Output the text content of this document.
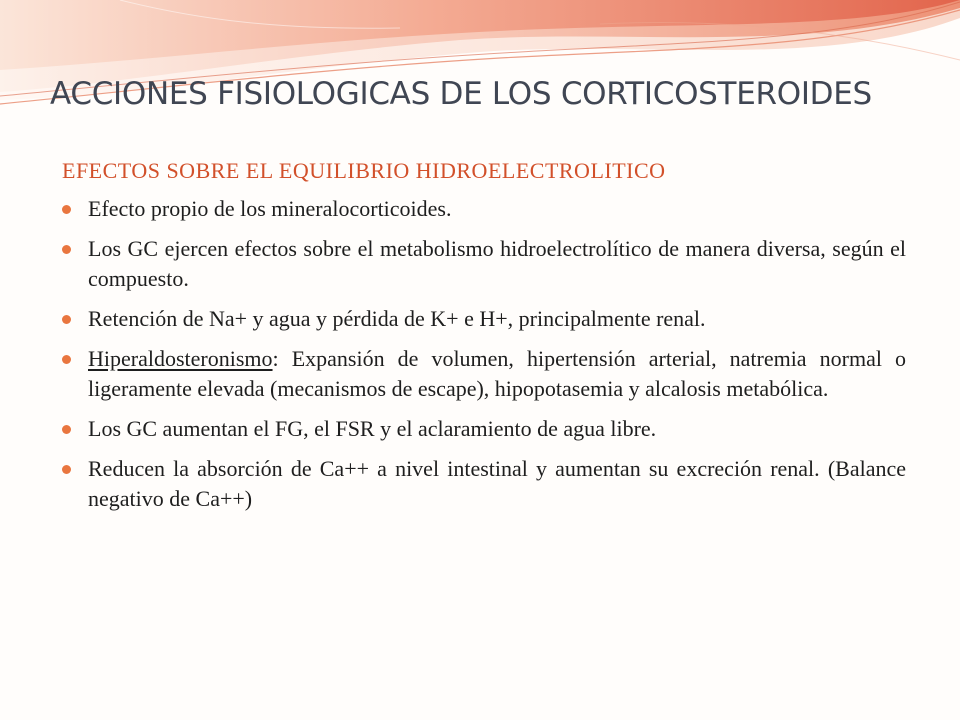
ACCIONES FISIOLOGICAS DE LOS CORTICOSTEROIDES
EFECTOS SOBRE EL EQUILIBRIO HIDROELECTROLITICO
Efecto propio de los mineralocorticoides.
Los GC ejercen efectos sobre el metabolismo hidroelectrolítico de manera diversa, según el compuesto.
Retención de Na+ y agua y pérdida de K+ e H+, principalmente renal.
Hiperaldosteronismo: Expansión de volumen, hipertensión arterial, natremia normal o ligeramente elevada (mecanismos de escape), hipopotasemia y alcalosis metabólica.
Los GC aumentan el FG, el FSR y el aclaramiento de agua libre.
Reducen la absorción de Ca++ a nivel intestinal y aumentan su excreción renal. (Balance negativo de Ca++)
